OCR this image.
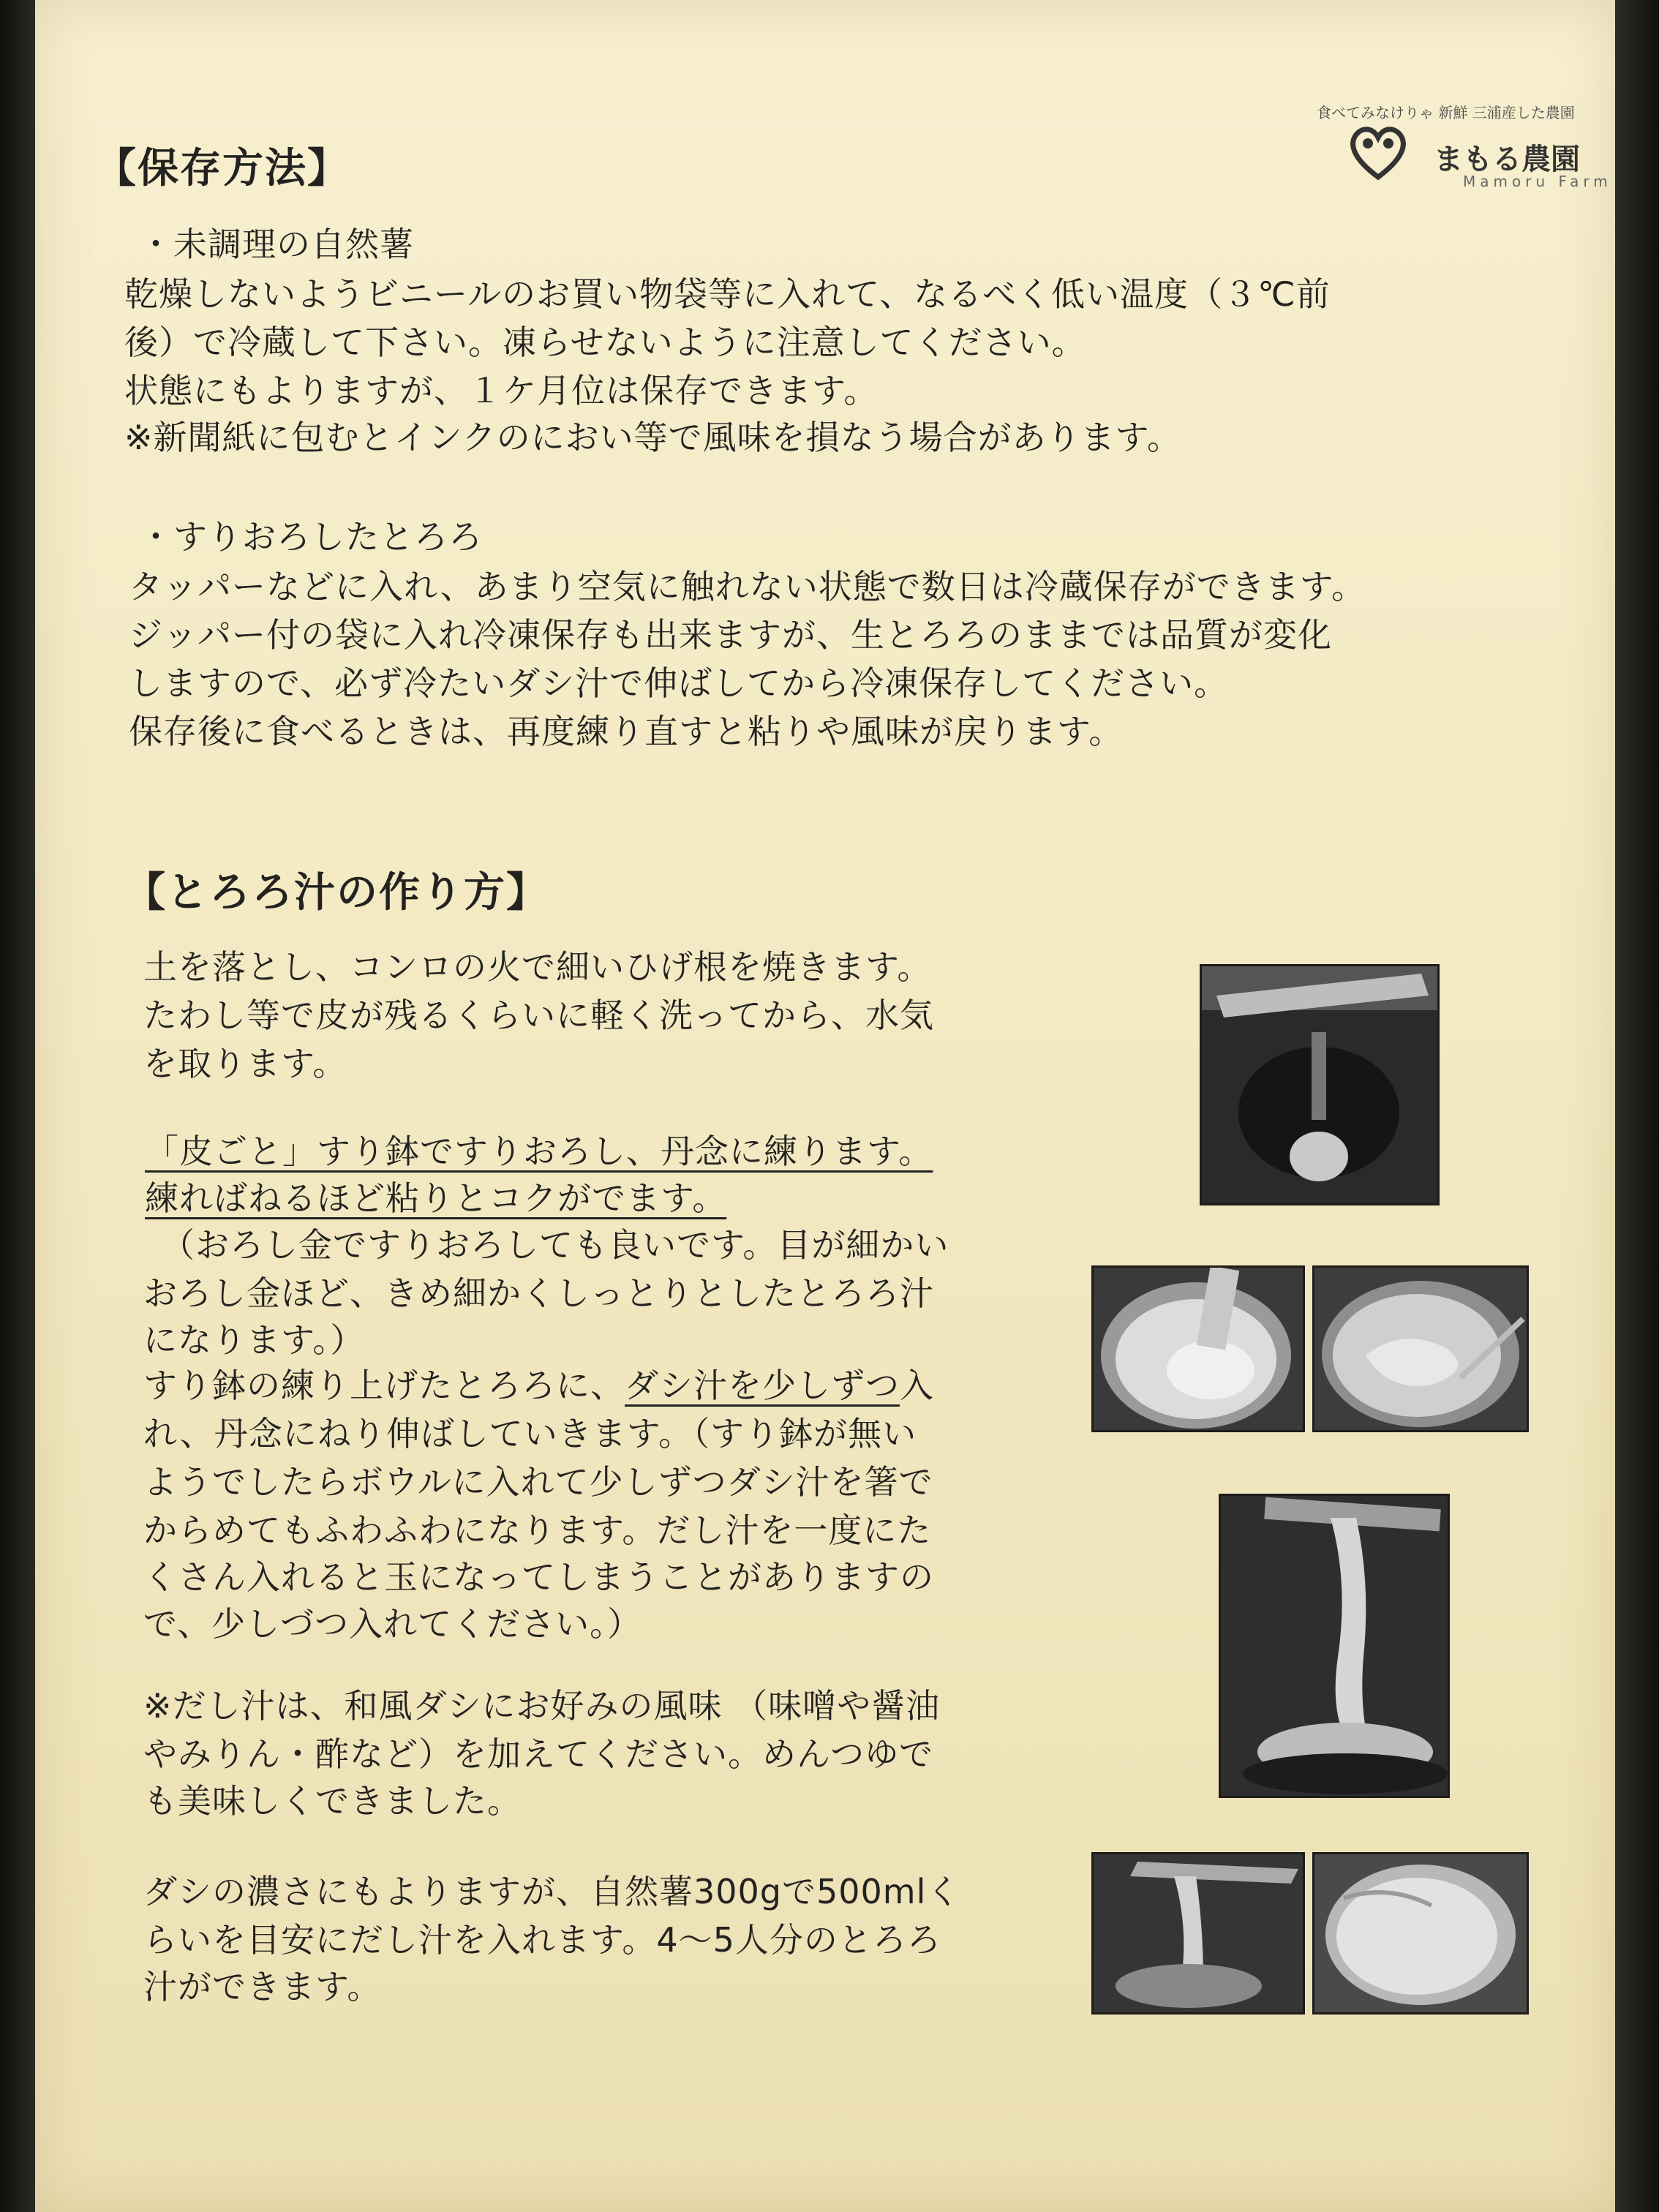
食べてみなけりゃ 新鮮 三浦産した農園
まもる農園
Mamoru Farm
【保存方法】
・未調理の自然薯
乾燥しないようビニールのお買い物袋等に入れて、なるべく低い温度（３℃前
後）で冷蔵して下さい。凍らせないように注意してください。
状態にもよりますが、１ケ月位は保存できます。
※新聞紙に包むとインクのにおい等で風味を損なう場合があります。
・すりおろしたとろろ
タッパーなどに入れ、あまり空気に触れない状態で数日は冷蔵保存ができます。
ジッパー付の袋に入れ冷凍保存も出来ますが、生とろろのままでは品質が変化
しますので、必ず冷たいダシ汁で伸ばしてから冷凍保存してください。
保存後に食べるときは、再度練り直すと粘りや風味が戻ります。
【とろろ汁の作り方】
土を落とし、コンロの火で細いひげ根を焼きます。
たわし等で皮が残るくらいに軽く洗ってから、水気
を取ります。
「皮ごと」すり鉢ですりおろし、丹念に練ります。
練ればねるほど粘りとコクがでます。
（おろし金ですりおろしても良いです。目が細かい
おろし金ほど、きめ細かくしっとりとしたとろろ汁
になります。）
すり鉢の練り上げたとろろに、ダシ汁を少しずつ入
れ、丹念にねり伸ばしていきます。（すり鉢が無い
ようでしたらボウルに入れて少しずつダシ汁を箸で
からめてもふわふわになります。だし汁を一度にた
くさん入れると玉になってしまうことがありますの
で、少しづつ入れてください。）
※だし汁は、和風ダシにお好みの風味 （味噌や醤油
やみりん・酢など）を加えてください。めんつゆで
も美味しくできました。
ダシの濃さにもよりますが、自然薯300gで500mlく
らいを目安にだし汁を入れます。4～5人分のとろろ
汁ができます。
